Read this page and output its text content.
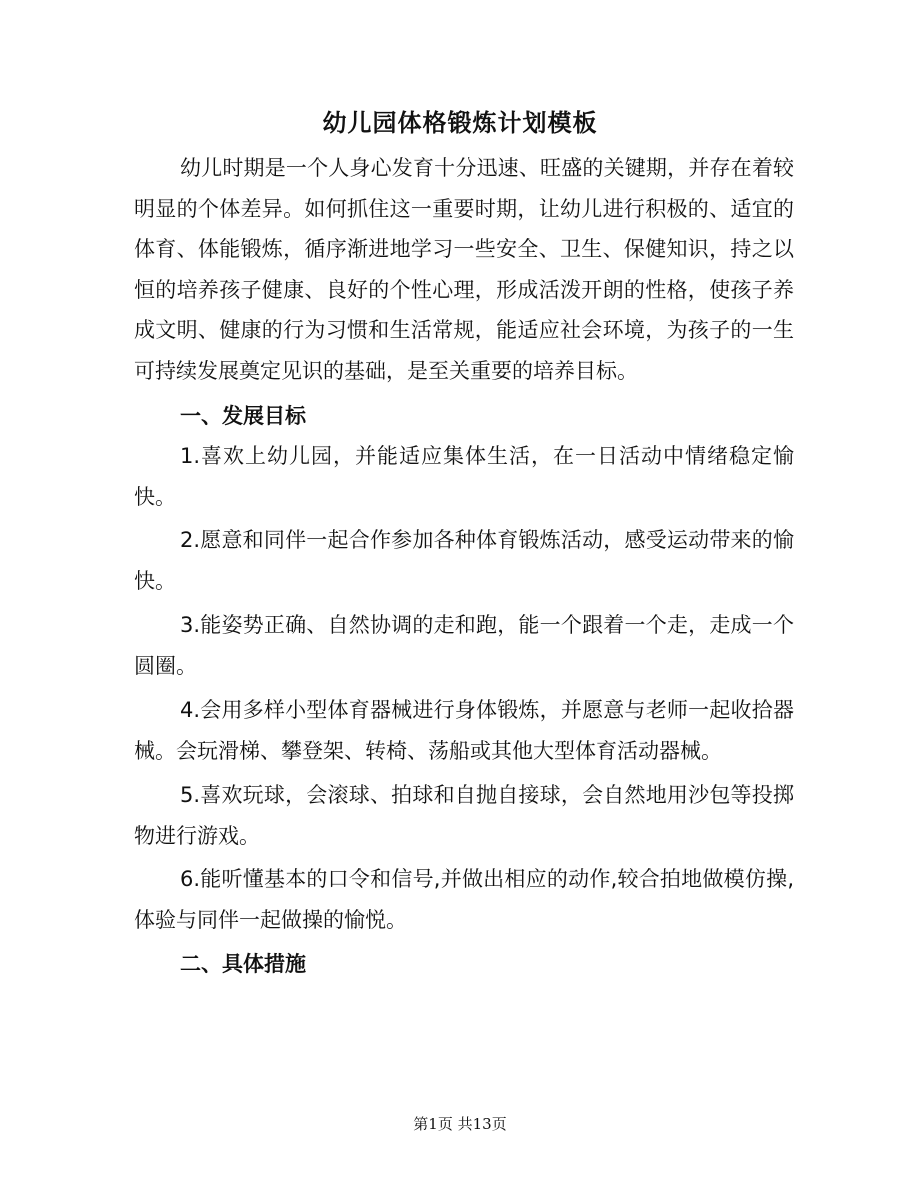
幼儿园体格锻炼计划模板
幼儿时期是一个人身心发育十分迅速、旺盛的关键期，并存在着较明显的个体差异。如何抓住这一重要时期，让幼儿进行积极的、适宜的体育、体能锻炼，循序渐进地学习一些安全、卫生、保健知识，持之以恒的培养孩子健康、良好的个性心理，形成活泼开朗的性格，使孩子养成文明、健康的行为习惯和生活常规，能适应社会环境，为孩子的一生可持续发展奠定见识的基础，是至关重要的培养目标。
一、发展目标
1.喜欢上幼儿园，并能适应集体生活，在一日活动中情绪稳定愉快。
2.愿意和同伴一起合作参加各种体育锻炼活动，感受运动带来的愉快。
3.能姿势正确、自然协调的走和跑，能一个跟着一个走，走成一个圆圈。
4.会用多样小型体育器械进行身体锻炼，并愿意与老师一起收拾器械。会玩滑梯、攀登架、转椅、荡船或其他大型体育活动器械。
5.喜欢玩球，会滚球、拍球和自抛自接球，会自然地用沙包等投掷物进行游戏。
6.能听懂基本的口令和信号,并做出相应的动作,较合拍地做模仿操,体验与同伴一起做操的愉悦。
二、具体措施
第1页 共13页
